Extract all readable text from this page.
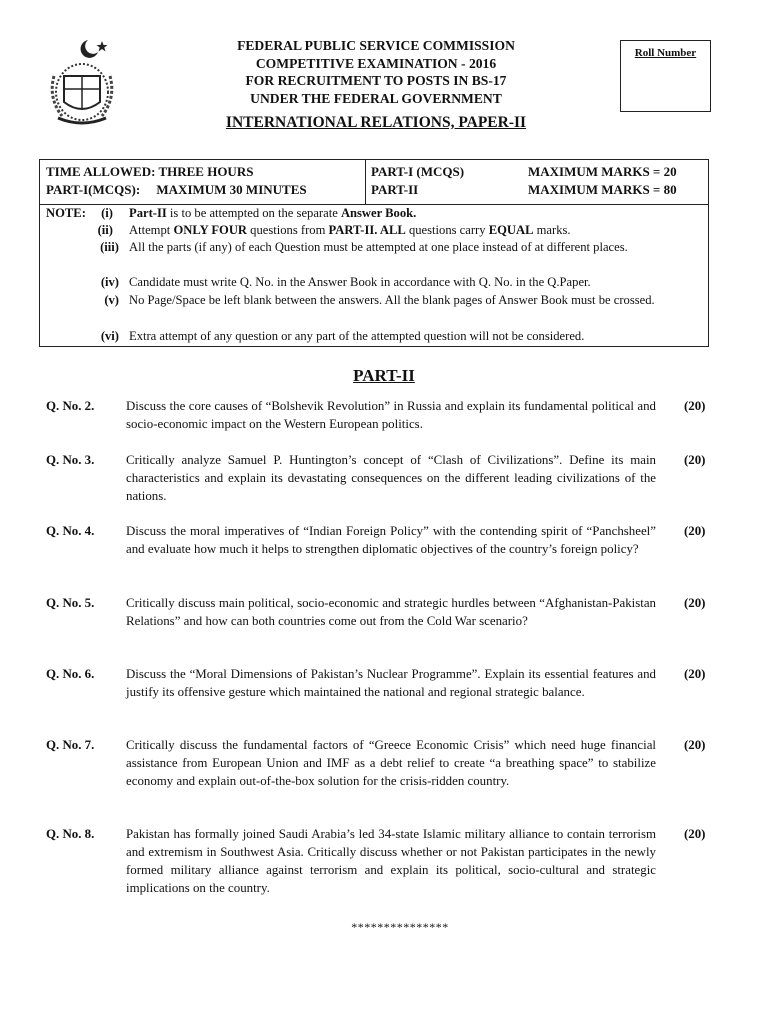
FEDERAL PUBLIC SERVICE COMMISSION
COMPETITIVE EXAMINATION - 2016
FOR RECRUITMENT TO POSTS IN BS-17
UNDER THE FEDERAL GOVERNMENT
Roll Number
INTERNATIONAL RELATIONS, PAPER-II
TIME ALLOWED: THREE HOURS
PART-I(MCQS):     MAXIMUM 30 MINUTES
PART-I (MCQS)	MAXIMUM MARKS = 20
PART-II	MAXIMUM MARKS = 80
NOTE:	(i) Part-II is to be attempted on the separate Answer Book.
(ii) Attempt ONLY FOUR questions from PART-II. ALL questions carry EQUAL marks.
(iii) All the parts (if any) of each Question must be attempted at one place instead of at different places.
(iv) Candidate must write Q. No. in the Answer Book in accordance with Q. No. in the Q.Paper.
(v) No Page/Space be left blank between the answers. All the blank pages of Answer Book must be crossed.
(vi) Extra attempt of any question or any part of the attempted question will not be considered.
PART-II
Q. No. 2.	Discuss the core causes of “Bolshevik Revolution” in Russia and explain its fundamental political and socio-economic impact on the Western European politics.
(20)
Q. No. 3.	Critically analyze Samuel P. Huntington’s concept of “Clash of Civilizations”. Define its main characteristics and explain its devastating consequences on the different leading civilizations of the nations.
(20)
Q. No. 4.	Discuss the moral imperatives of “Indian Foreign Policy” with the contending spirit of “Panchsheel” and evaluate how much it helps to strengthen diplomatic objectives of the country’s foreign policy?
(20)
Q. No. 5.	Critically discuss main political, socio-economic and strategic hurdles between “Afghanistan-Pakistan Relations” and how can both countries come out from the Cold War scenario?
(20)
Q. No. 6.	Discuss the “Moral Dimensions of Pakistan’s Nuclear Programme”. Explain its essential features and justify its offensive gesture which maintained the national and regional strategic balance.
(20)
Q. No. 7.	Critically discuss the fundamental factors of “Greece Economic Crisis” which need huge financial assistance from European Union and IMF as a debt relief to create “a breathing space” to stabilize economy and explain out-of-the-box solution for the crisis-ridden country.
(20)
Q. No. 8.	Pakistan has formally joined Saudi Arabia’s led 34-state Islamic military alliance to contain terrorism and extremism in Southwest Asia. Critically discuss whether or not Pakistan participates in the newly formed military alliance against terrorism and explain its political, socio-cultural and strategic implications on the country.
(20)
***************
